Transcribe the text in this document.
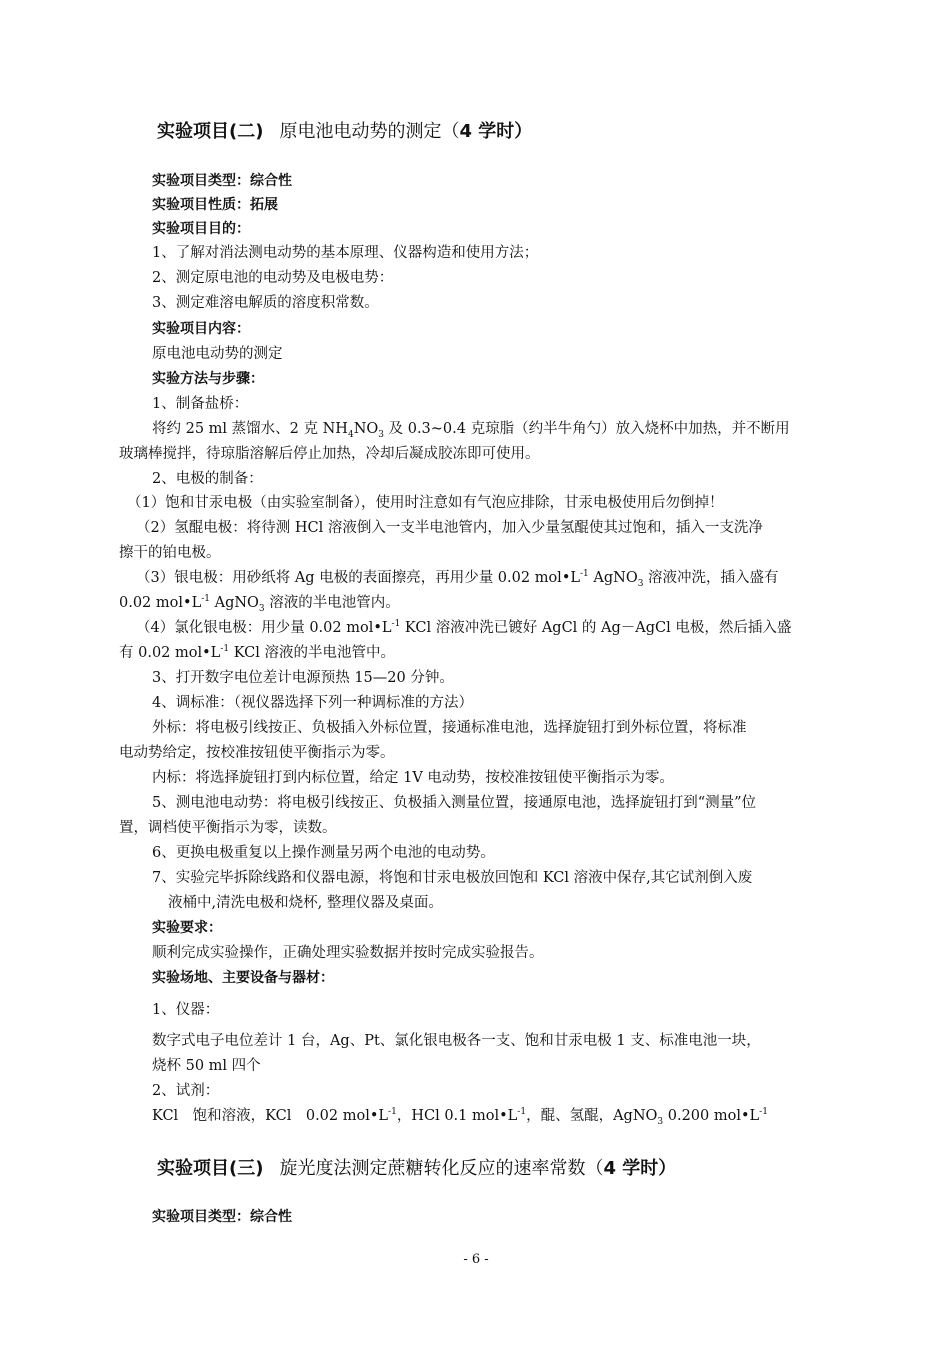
实验项目(二) 原电池电动势的测定（4 学时）
实验项目类型：综合性
实验项目性质：拓展
实验项目目的：
1、了解对消法测电动势的基本原理、仪器构造和使用方法；
2、测定原电池的电动势及电极电势：
3、测定难溶电解质的溶度积常数。
实验项目内容：
原电池电动势的测定
实验方法与步骤：
1、制备盐桥：
将约 25 ml 蒸馏水、2 克 $NH_4NO_3$ 及 0.3~0.4 克琼脂（约半牛角勺）放入烧杯中加热，并不断用
玻璃棒搅拌，待琼脂溶解后停止加热，冷却后凝成胶冻即可使用。
2、电极的制备：
（1）饱和甘汞电极（由实验室制备），使用时注意如有气泡应排除，甘汞电极使用后勿倒掉！
（2）氢醌电极：将待测 HCl 溶液倒入一支半电池管内，加入少量氢醌使其过饱和，插入一支洗净
擦干的铂电极。
（3）银电极：用砂纸将 Ag 电极的表面擦亮，再用少量 0.02 $mol•L^{-1}$ AgNO$_3$ 溶液冲洗，插入盛有
0.02 $mol•L^{-1}$ AgNO$_3$ 溶液的半电池管内。
（4）氯化银电极：用少量 0.02 $mol•L^{-1}$ KCl 溶液冲洗已镀好 AgCl 的 Ag－AgCl 电极，然后插入盛
有 0.02 $mol•L^{-1}$ KCl 溶液的半电池管中。
3、打开数字电位差计电源预热 15—20 分钟。
4、调标准：（视仪器选择下列一种调标准的方法）
外标：将电极引线按正、负极插入外标位置，接通标准电池，选择旋钮打到外标位置，将标准
电动势给定，按校准按钮使平衡指示为零。
内标：将选择旋钮打到内标位置，给定 1V 电动势，按校准按钮使平衡指示为零。
5、测电池电动势：将电极引线按正、负极插入测量位置，接通原电池，选择旋钮打到“测量”位
置，调档使平衡指示为零，读数。
6、更换电极重复以上操作测量另两个电池的电动势。
7、实验完毕拆除线路和仪器电源，将饱和甘汞电极放回饱和 KCl 溶液中保存,其它试剂倒入废
液桶中,清洗电极和烧杯, 整理仪器及桌面。
实验要求：
顺利完成实验操作，正确处理实验数据并按时完成实验报告。
实验场地、主要设备与器材：
1、仪器：
数字式电子电位差计 1 台，Ag、Pt、氯化银电极各一支、饱和甘汞电极 1 支、标准电池一块，
烧杯 50 ml 四个
2、试剂：
KCl　饱和溶液，KCl　0.02 $mol•L^{-1}$，HCl 0.1 $mol•L^{-1}$，醌、氢醌，AgNO$_3$ 0.200 $mol•L^{-1}$
实验项目(三) 旋光度法测定蔗糖转化反应的速率常数（4 学时）
实验项目类型：综合性
- 6 -
